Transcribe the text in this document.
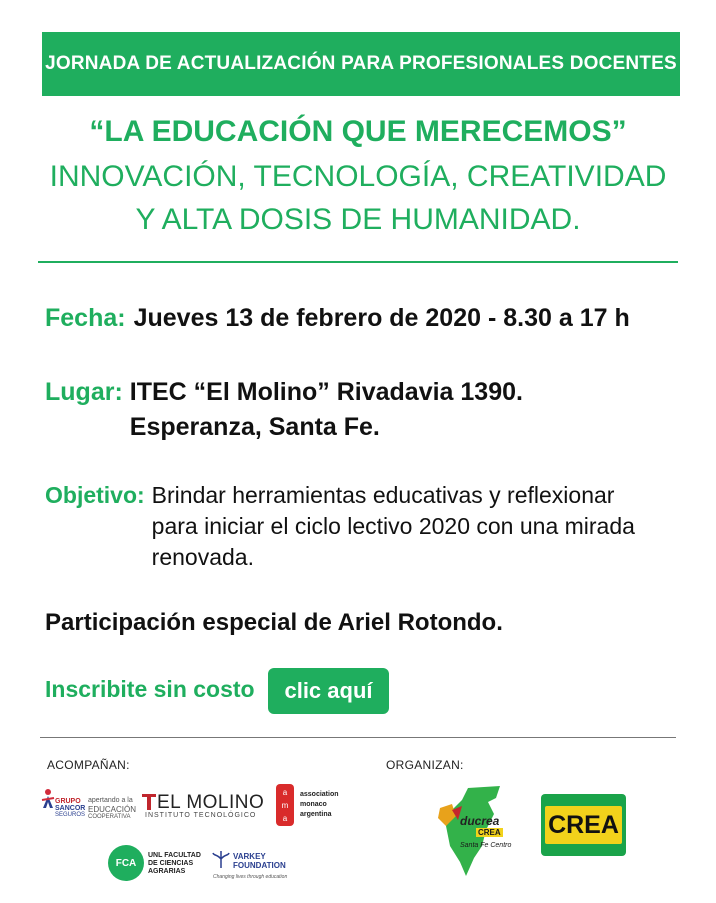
JORNADA DE ACTUALIZACIÓN PARA PROFESIONALES DOCENTES
“LA EDUCACIÓN QUE MERECEMOS”
INNOVACIÓN, TECNOLOGÍA, CREATIVIDAD
Y ALTA DOSIS DE HUMANIDAD.
Fecha: Jueves 13 de febrero de 2020 - 8.30 a 17 h
Lugar: ITEC “El Molino” Rivadavia 1390.
Esperanza, Santa Fe.
Objetivo: Brindar herramientas educativas y reflexionar para iniciar el ciclo lectivo 2020 con una mirada renovada.
Participación especial de Ariel Rotondo.
Inscribite sin costo	clic aquí
ACOMPAÑAN:	ORGANIZAN:
GRUPO
SANCOR
SEGUROS
apertando a la
EDUCACIÓN
COOPERATIVA
EL MOLINO
INSTITUTO TECNOLÓGICO
a
m
a
association
monaco
argentina
FCA
UNL FACULTAD
DE CIENCIAS
AGRARIAS
VARKEY
FOUNDATION
Changing lives through education
ducrea
CREA
Santa Fe Centro
CREA
